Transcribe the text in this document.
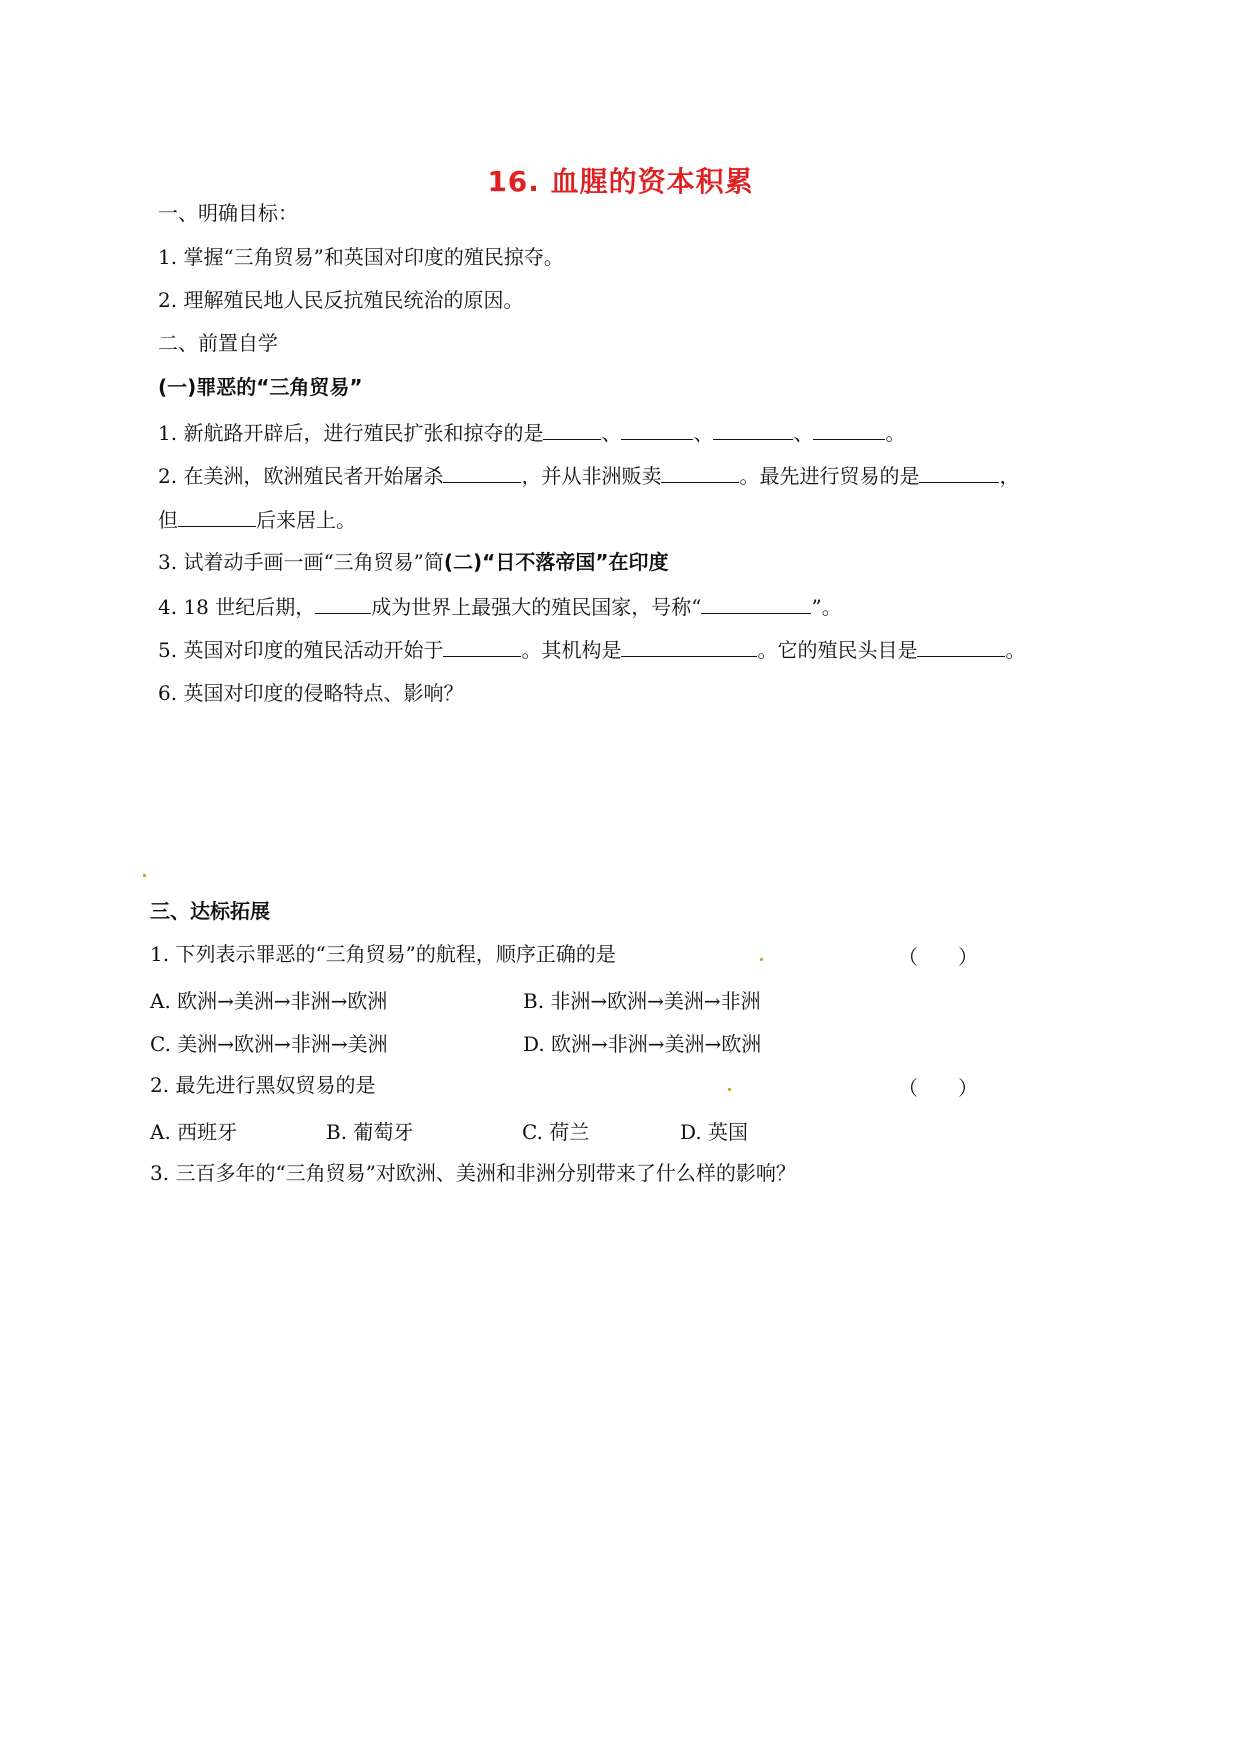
16. 血腥的资本积累
一、明确目标：
1. 掌握“三角贸易”和英国对印度的殖民掠夺。
2. 理解殖民地人民反抗殖民统治的原因。
二、前置自学
(一)罪恶的“三角贸易”
1. 新航路开辟后，进行殖民扩张和掠夺的是	、	、	、	。
2. 在美洲，欧洲殖民者开始屠杀	，并从非洲贩卖	。最先进行贸易的是	，
但	后来居上。
3. 试着动手画一画“三角贸易”简(二)“日不落帝国”在印度
4. 18 世纪后期，	成为世界上最强大的殖民国家，号称“	”。
5. 英国对印度的殖民活动开始于	。其机构是	。它的殖民头目是	。
6. 英国对印度的侵略特点、影响？
三、达标拓展
1. 下列表示罪恶的“三角贸易”的航程，顺序正确的是	（　　）
A. 欧洲→美洲→非洲→欧洲	B. 非洲→欧洲→美洲→非洲
C. 美洲→欧洲→非洲→美洲	D. 欧洲→非洲→美洲→欧洲
2. 最先进行黑奴贸易的是	（　　）
A. 西班牙	B. 葡萄牙	C. 荷兰	D. 英国
3. 三百多年的“三角贸易”对欧洲、美洲和非洲分别带来了什么样的影响？
